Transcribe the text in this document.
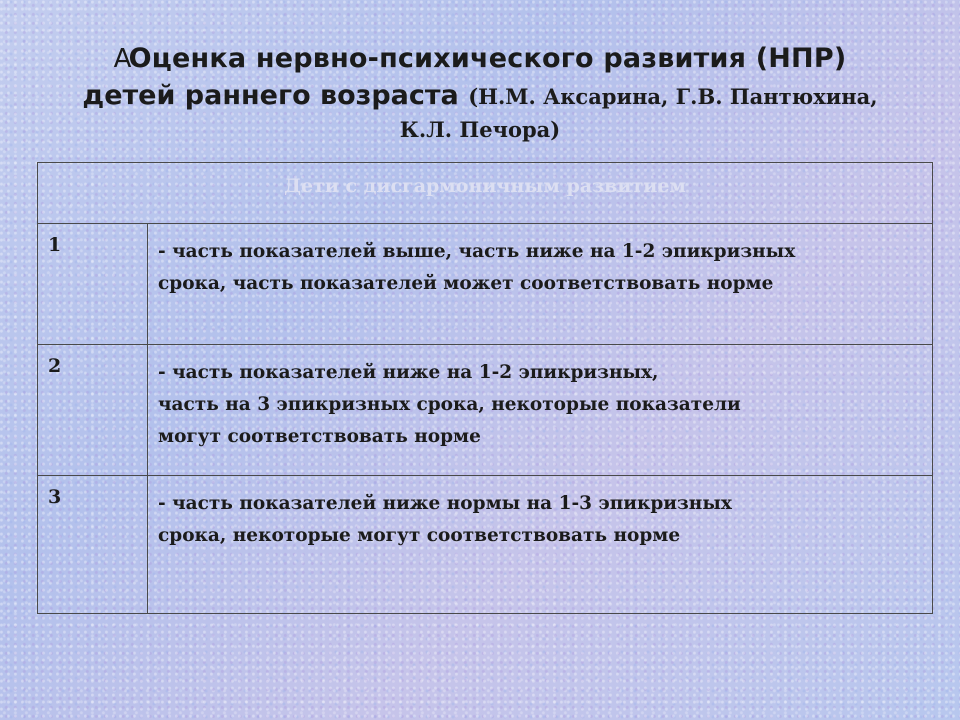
AОценка нервно-психического развития (НПР)
детей раннего возраста (Н.М. Аксарина, Г.В. Пантюхина,
К.Л. Печора)
Дети с дисгармоничным развитием
1	- часть показателей выше, часть ниже на 1-2 эпикризных
срока, часть показателей может соответствовать норме
2	- часть показателей ниже на 1-2 эпикризных,
часть на 3 эпикризных срока, некоторые показатели
могут соответствовать норме
3	- часть показателей ниже нормы на 1-3 эпикризных
срока, некоторые могут соответствовать норме
